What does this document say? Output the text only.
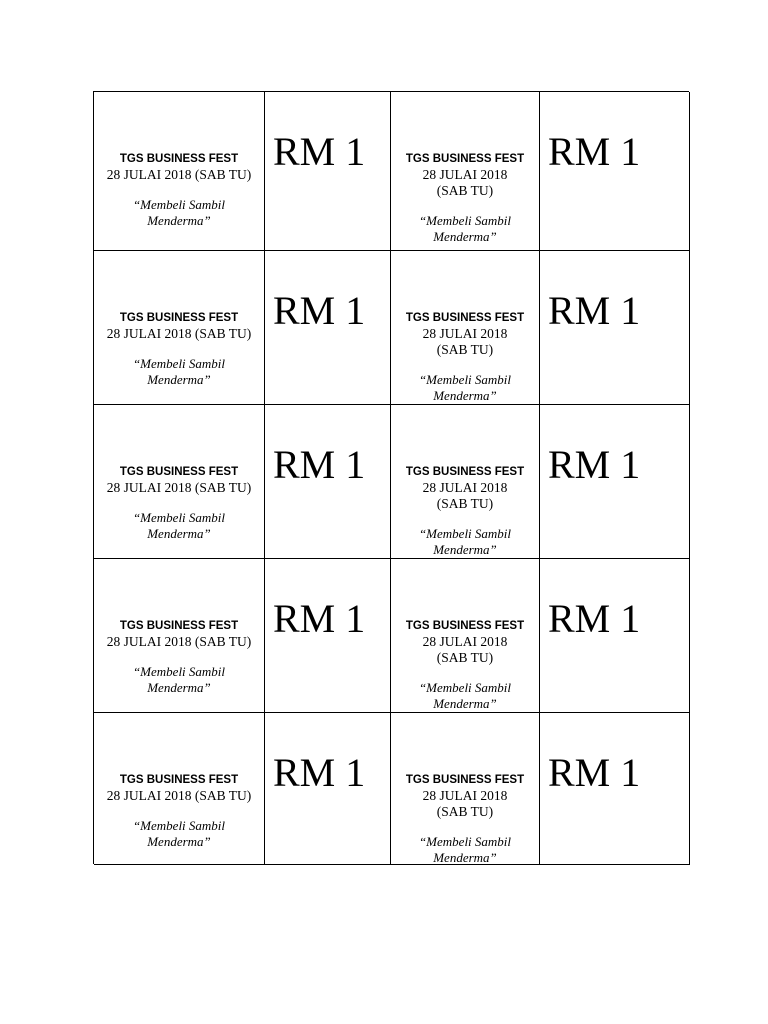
TGS BUSINESS FEST
28 JULAI 2018 (SAB TU)
“Membeli Sambil Menderma”
RM 1	TGS BUSINESS FEST
28 JULAI 2018 (SAB TU)
“Membeli Sambil Menderma”
RM 1
TGS BUSINESS FEST
28 JULAI 2018 (SAB TU)
“Membeli Sambil Menderma”
RM 1	TGS BUSINESS FEST
28 JULAI 2018 (SAB TU)
“Membeli Sambil Menderma”
RM 1
TGS BUSINESS FEST
28 JULAI 2018 (SAB TU)
“Membeli Sambil Menderma”
RM 1	TGS BUSINESS FEST
28 JULAI 2018 (SAB TU)
“Membeli Sambil Menderma”
RM 1
TGS BUSINESS FEST
28 JULAI 2018 (SAB TU)
“Membeli Sambil Menderma”
RM 1	TGS BUSINESS FEST
28 JULAI 2018 (SAB TU)
“Membeli Sambil Menderma”
RM 1
TGS BUSINESS FEST
28 JULAI 2018 (SAB TU)
“Membeli Sambil Menderma”
RM 1	TGS BUSINESS FEST
28 JULAI 2018 (SAB TU)
“Membeli Sambil Menderma”
RM 1
